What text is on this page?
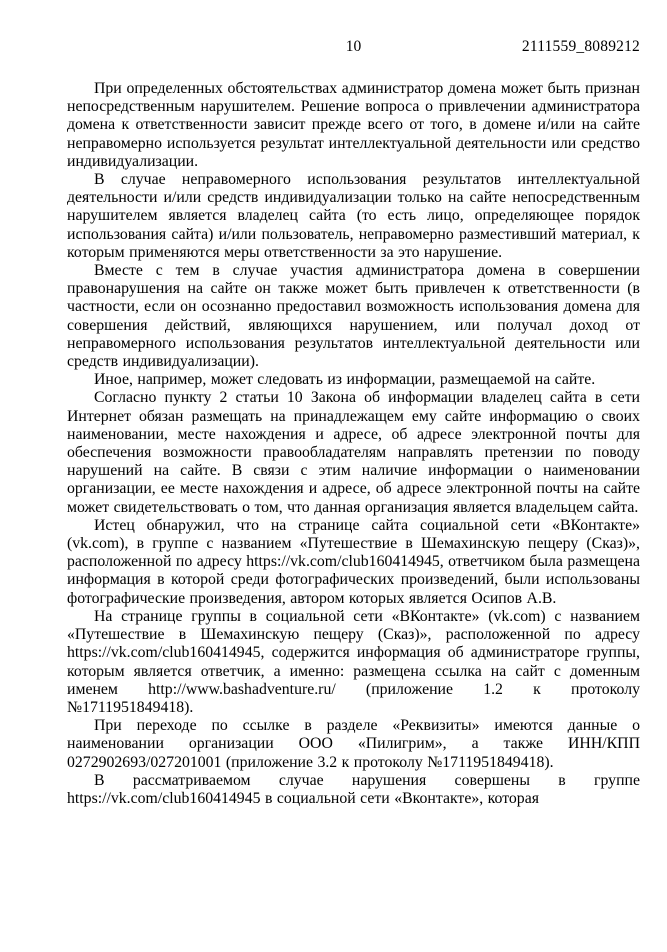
10	2111559_8089212

При определенных обстоятельствах администратор домена может быть признан непосредственным нарушителем. Решение вопроса о привлечении администратора домена к ответственности зависит прежде всего от того, в домене и/или на сайте неправомерно используется результат интеллектуальной деятельности или средство индивидуализации.

В случае неправомерного использования результатов интеллектуальной деятельности и/или средств индивидуализации только на сайте непосредственным нарушителем является владелец сайта (то есть лицо, определяющее порядок использования сайта) и/или пользователь, неправомерно разместивший материал, к которым применяются меры ответственности за это нарушение.

Вместе с тем в случае участия администратора домена в совершении правонарушения на сайте он также может быть привлечен к ответственности (в частности, если он осознанно предоставил возможность использования домена для совершения действий, являющихся нарушением, или получал доход от неправомерного использования результатов интеллектуальной деятельности или средств индивидуализации).

Иное, например, может следовать из информации, размещаемой на сайте.

Согласно пункту 2 статьи 10 Закона об информации владелец сайта в сети Интернет обязан размещать на принадлежащем ему сайте информацию о своих наименовании, месте нахождения и адресе, об адресе электронной почты для обеспечения возможности правообладателям направлять претензии по поводу нарушений на сайте. В связи с этим наличие информации о наименовании организации, ее месте нахождения и адресе, об адресе электронной почты на сайте может свидетельствовать о том, что данная организация является владельцем сайта.

Истец обнаружил, что на странице сайта социальной сети «ВКонтакте» (vk.com), в группе с названием «Путешествие в Шемахинскую пещеру (Сказ)», расположенной по адресу https://vk.com/club160414945, ответчиком была размещена информация в которой среди фотографических произведений, были использованы фотографические произведения, автором которых является Осипов А.В.

На странице группы в социальной сети «ВКонтакте» (vk.com) с названием «Путешествие в Шемахинскую пещеру (Сказ)», расположенной по адресу https://vk.com/club160414945, содержится информация об администраторе группы, которым является ответчик, а именно: размещена ссылка на сайт с доменным именем http://www.bashadventure.ru/ (приложение 1.2 к протоколу №1711951849418).

При переходе по ссылке в разделе «Реквизиты» имеются данные о наименовании организации ООО «Пилигрим», а также ИНН/КПП 0272902693/027201001 (приложение 3.2 к протоколу №1711951849418).

В рассматриваемом случае нарушения совершены в группе https://vk.com/club160414945 в социальной сети «Вконтакте», которая
